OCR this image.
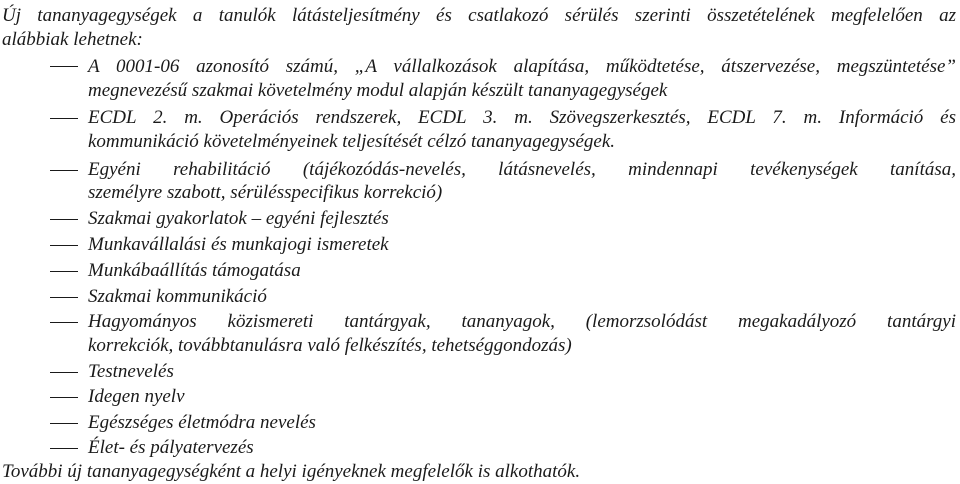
Új tananyagegységek a tanulók látásteljesítmény és csatlakozó sérülés szerinti összetételének megfelelően az
alábbiak lehetnek:
A 0001-06 azonosító számú, „A vállalkozások alapítása, működtetése, átszervezése, megszüntetése”
megnevezésű szakmai követelmény modul alapján készült tananyagegységek
ECDL 2. m. Operációs rendszerek, ECDL 3. m. Szövegszerkesztés, ECDL 7. m. Információ és
kommunikáció követelményeinek teljesítését célzó tananyagegységek.
Egyéni rehabilitáció (tájékozódás-nevelés, látásnevelés, mindennapi tevékenységek tanítása,
személyre szabott, sérülésspecifikus korrekció)
Szakmai gyakorlatok – egyéni fejlesztés
Munkavállalási és munkajogi ismeretek
Munkábaállítás támogatása
Szakmai kommunikáció
Hagyományos közismereti tantárgyak, tananyagok, (lemorzsolódást megakadályozó tantárgyi
korrekciók, továbbtanulásra való felkészítés, tehetséggondozás)
Testnevelés
Idegen nyelv
Egészséges életmódra nevelés
Élet- és pályatervezés
További új tananyagegységként a helyi igényeknek megfelelők is alkothatók.
